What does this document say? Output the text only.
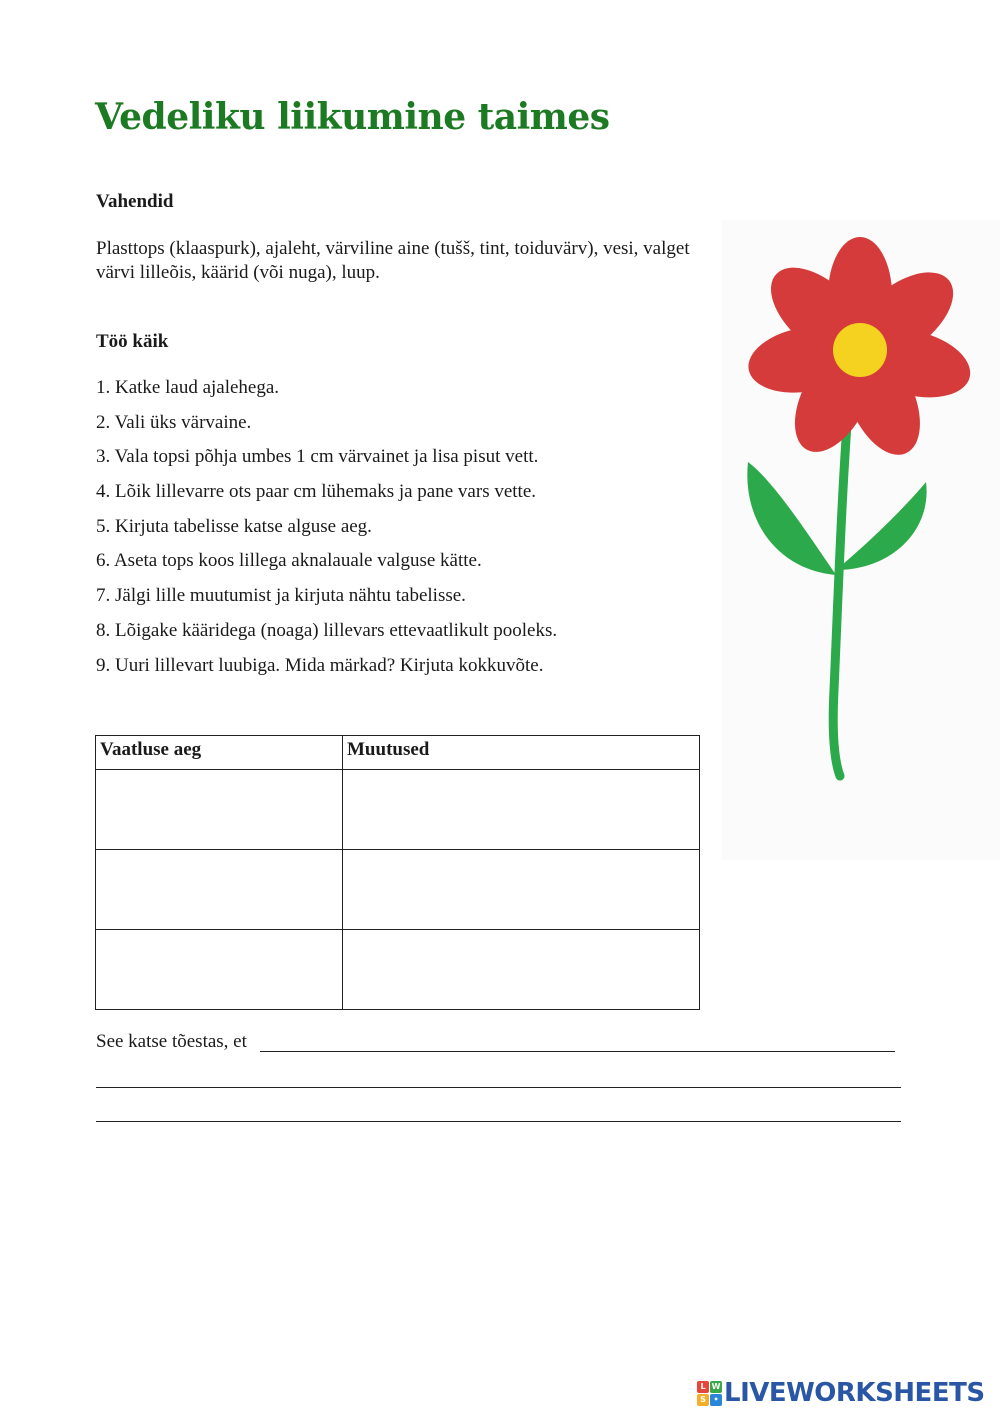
Vedeliku liikumine taimes
Vahendid

Plasttops (klaaspurk), ajaleht, värviline aine (tušš, tint, toiduvärv), vesi, valget värvi lilleõis, käärid (või nuga), luup.

Töö käik
1. Katke laud ajalehega.
2. Vali üks värvaine.
3. Vala topsi põhja umbes 1 cm värvainet ja lisa pisut vett.
4. Lõik lillevarre ots paar cm lühemaks ja pane vars vette.
5. Kirjuta tabelisse katse alguse aeg.
6. Aseta tops koos lillega aknalauale valguse kätte.
7. Jälgi lille muutumist ja kirjuta nähtu tabelisse.
8. Lõigake kääridega (noaga) lillevars ettevaatlikult pooleks.
9. Uuri lillevart luubiga. Mida märkad? Kirjuta kokkuvõte.
Vaatluse aeg	Muutused

See katse tõestas, et
L W
S • LIVEWORKSHEETS
